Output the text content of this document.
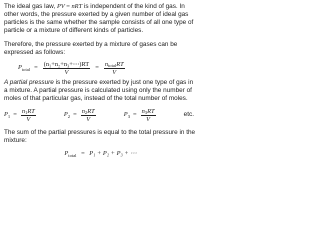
The ideal gas law, PV = nRT is independent of the kind of gas. In other words, the pressure exerted by a given number of ideal gas particles is the same whether the sample consists of all one type of particle or a mixture of different kinds of particles.

Therefore, the pressure exerted by a mixture of gases can be expressed as follows:

$P_{total} = \frac{\text{(n₁+n₂+n₃+⋯)RT}}{V} = \frac{n_{total}RT}{V}$

A partial pressure is the pressure exerted by just one type of gas in a mixture. A partial pressure is calculated using only the number of moles of that particular gas, instead of the total number of moles.

P $1 = \frac{n_1RT}{V}$	P $2 = \frac{n_2RT}{V}$	P $3 = \frac{n_3RT}{V}$	etc.

The sum of the partial pressures is equal to the total pressure in the mixture:

$P_{total} = P_1 + P_2 + P_3$ + ⋯
